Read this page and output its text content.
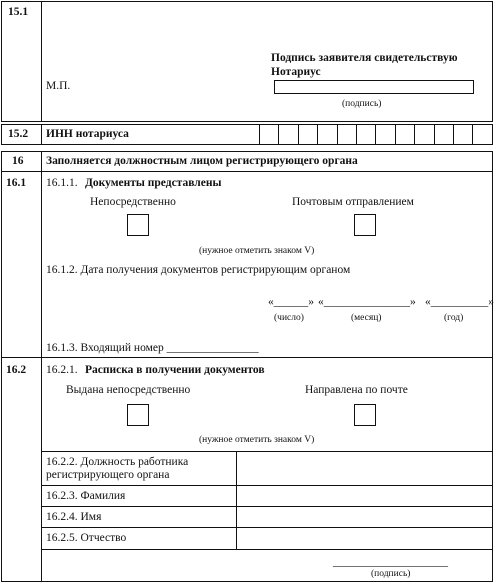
15.1
М.П.
Подпись заявителя свидетельствую
Нотариус
(подпись)
15.2 ИНН нотариуса
16 Заполняется должностным лицом регистрирующего органа
16.1 16.1.1. Документы представлены
Непосредственно	Почтовым отправлением
(нужное отметить знаком V)
16.1.2. Дата получения документов регистрирующим органом
«______» «_______________» «__________»
(число)	(месяц)	(год)
16.1.3. Входящий номер ________________
16.2 16.2.1. Расписка в получении документов
Выдана непосредственно	Направлена по почте
(нужное отметить знаком V)
16.2.2. Должность работника
регистрирующего органа
16.2.3. Фамилия
16.2.4. Имя
16.2.5. Отчество
____________________
(подпись)
